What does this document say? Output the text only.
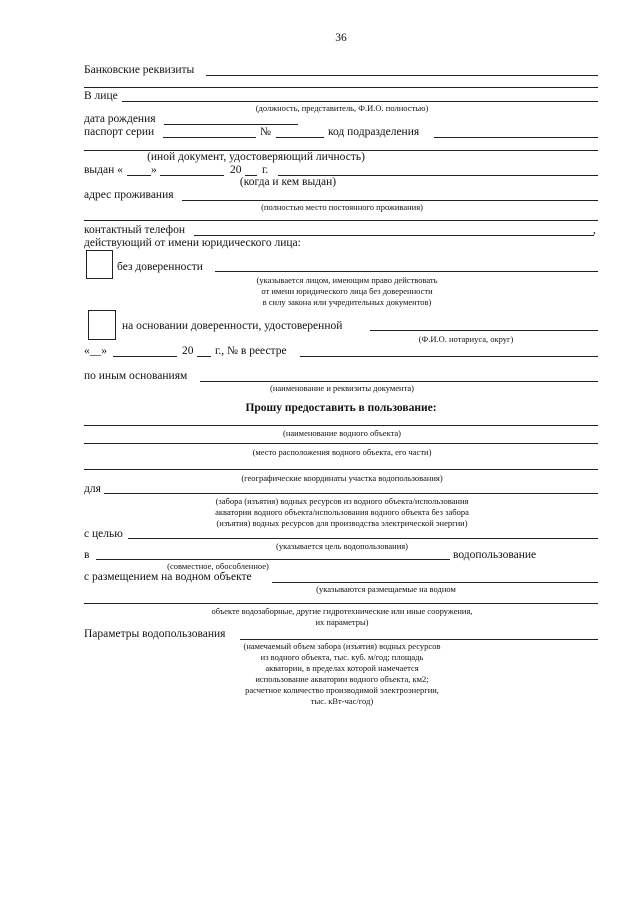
36
Банковские реквизиты
В лице
(должность, представитель, Ф.И.О. полностью)
дата рождения
паспорт серии	№	код подразделения
(иной документ, удостоверяющий личность)
выдан « »	20 г.
(когда и кем выдан)
адрес проживания
(полностью место постоянного проживания)
контактный телефон	,
действующий от имени юридического лица:
без доверенности
(указывается лицом, имеющим право действовать
от имени юридического лица без доверенности
в силу закона или учредительных документов)
на основании доверенности, удостоверенной
(Ф.И.О. нотариуса, округ)
«__»	20 г., № в реестре
по иным основаниям
(наименование и реквизиты документа)
Прошу предоставить в пользование:
(наименование водного объекта)
(место расположения водного объекта, его части)
(географические координаты участка водопользования)
для
(забора (изъятия) водных ресурсов из водного объекта/использования
акватории водного объекта/использования водного объекта без забора
(изъятия) водных ресурсов для производства электрической энергии)
с целью
(указывается цель водопользования)
в	водопользование
(совместное, обособленное)
с размещением на водном объекте
(указываются размещаемые на водном
объекте водозаборные, другие гидротехнические или иные сооружения,
их параметры)
Параметры водопользования
(намечаемый объем забора (изъятия) водных ресурсов
из водного объекта, тыс. куб. м/год; площадь
акватории, в пределах которой намечается
использование акватории водного объекта, км2;
расчетное количество производимой электроэнергии,
тыс. кВт-час/год)
